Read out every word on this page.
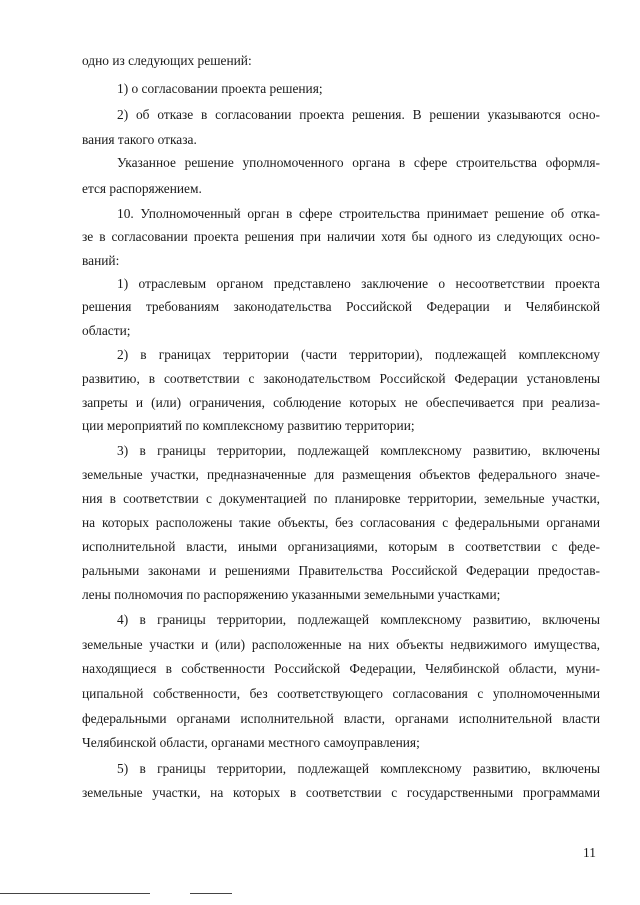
одно из следующих решений:
1) о согласовании проекта решения;
2) об отказе в согласовании проекта решения. В решении указываются осно-
вания такого отказа.
Указанное решение уполномоченного органа в сфере строительства оформля-
ется распоряжением.
10. Уполномоченный орган в сфере строительства принимает решение об отка-
зе в согласовании проекта решения при наличии хотя бы одного из следующих осно-
ваний:
1) отраслевым органом представлено заключение о несоответствии проекта
решения требованиям законодательства Российской Федерации и Челябинской
области;
2) в границах территории (части территории), подлежащей комплексному
развитию, в соответствии с законодательством Российской Федерации установлены
запреты и (или) ограничения, соблюдение которых не обеспечивается при реализа-
ции мероприятий по комплексному развитию территории;
3) в границы территории, подлежащей комплексному развитию, включены
земельные участки, предназначенные для размещения объектов федерального значе-
ния в соответствии с документацией по планировке территории, земельные участки,
на которых расположены такие объекты, без согласования с федеральными органами
исполнительной власти, иными организациями, которым в соответствии с феде-
ральными законами и решениями Правительства Российской Федерации предостав-
лены полномочия по распоряжению указанными земельными участками;
4) в границы территории, подлежащей комплексному развитию, включены
земельные участки и (или) расположенные на них объекты недвижимого имущества,
находящиеся в собственности Российской Федерации, Челябинской области, муни-
ципальной собственности, без соответствующего согласования с уполномоченными
федеральными органами исполнительной власти, органами исполнительной власти
Челябинской области, органами местного самоуправления;
5) в границы территории, подлежащей комплексному развитию, включены
земельные участки, на которых в соответствии с государственными программами
11
